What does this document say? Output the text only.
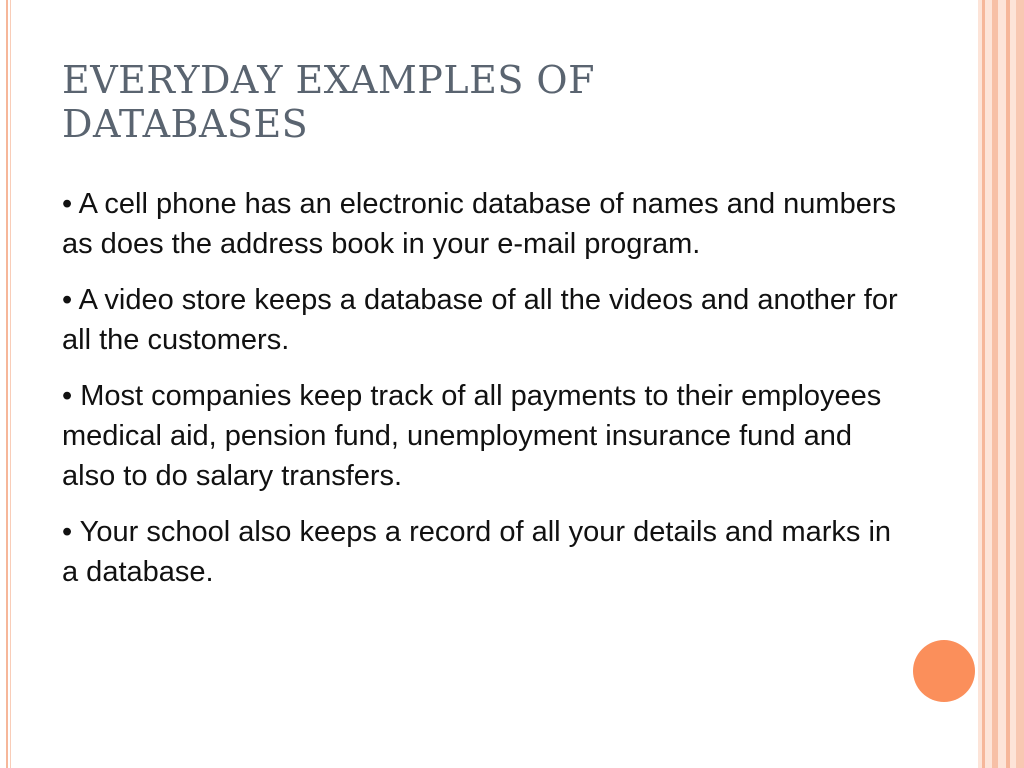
EVERYDAY EXAMPLES OF
DATABASES

• A cell phone has an electronic database of names and numbers as does the address book in your e-mail program.

• A video store keeps a database of all the videos and another for all the customers.

• Most companies keep track of all payments to their employees medical aid, pension fund, unemployment insurance fund and also to do salary transfers.

• Your school also keeps a record of all your details and marks in a database.
